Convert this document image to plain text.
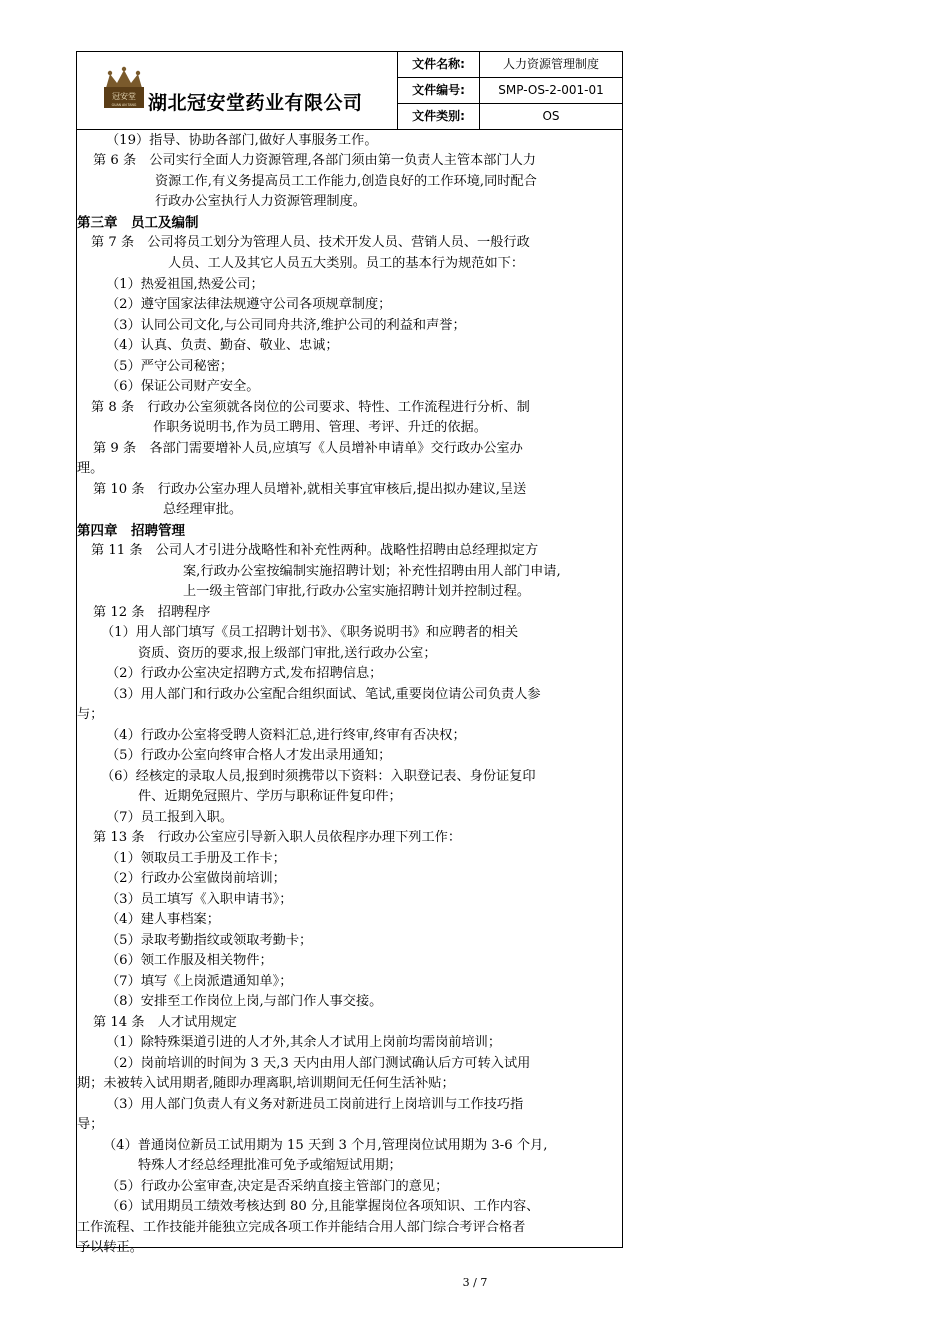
冠安堂
GUAN AN TANG 湖北冠安堂药业有限公司
文件名称:	人力资源管理制度
文件编号:	SMP-OS-2-001-01
文件类别:	OS
（19）指导、协助各部门,做好人事服务工作。
第 6 条　公司实行全面人力资源管理,各部门须由第一负责人主管本部门人力
资源工作,有义务提高员工工作能力,创造良好的工作环境,同时配合
行政办公室执行人力资源管理制度。
第三章　员工及编制
第 7 条　公司将员工划分为管理人员、技术开发人员、营销人员、一般行政
人员、工人及其它人员五大类别。员工的基本行为规范如下：
（1）热爱祖国,热爱公司；
（2）遵守国家法律法规遵守公司各项规章制度；
（3）认同公司文化,与公司同舟共济,维护公司的利益和声誉；
（4）认真、负责、勤奋、敬业、忠诚；
（5）严守公司秘密；
（6）保证公司财产安全。
第 8 条　行政办公室须就各岗位的公司要求、特性、工作流程进行分析、制
作职务说明书,作为员工聘用、管理、考评、升迁的依据。
第 9 条　各部门需要增补人员,应填写《人员增补申请单》交行政办公室办
理。
第 10 条　行政办公室办理人员增补,就相关事宜审核后,提出拟办建议,呈送
总经理审批。
第四章　招聘管理
第 11 条　公司人才引进分战略性和补充性两种。战略性招聘由总经理拟定方
案,行政办公室按编制实施招聘计划；补充性招聘由用人部门申请,
上一级主管部门审批,行政办公室实施招聘计划并控制过程。
第 12 条　招聘程序
（1）用人部门填写《员工招聘计划书》、《职务说明书》和应聘者的相关
资质、资历的要求,报上级部门审批,送行政办公室；
（2）行政办公室决定招聘方式,发布招聘信息；
（3）用人部门和行政办公室配合组织面试、笔试,重要岗位请公司负责人参
与；
（4）行政办公室将受聘人资料汇总,进行终审,终审有否决权；
（5）行政办公室向终审合格人才发出录用通知；
（6）经核定的录取人员,报到时须携带以下资料：入职登记表、身份证复印
件、近期免冠照片、学历与职称证件复印件；
（7）员工报到入职。
第 13 条　行政办公室应引导新入职人员依程序办理下列工作：
（1）领取员工手册及工作卡；
（2）行政办公室做岗前培训；
（3）员工填写《入职申请书》；
（4）建人事档案；
（5）录取考勤指纹或领取考勤卡；
（6）领工作服及相关物件；
（7）填写《上岗派遣通知单》；
（8）安排至工作岗位上岗,与部门作人事交接。
第 14 条　人才试用规定
（1）除特殊渠道引进的人才外,其余人才试用上岗前均需岗前培训；
（2）岗前培训的时间为 3 天,3 天内由用人部门测试确认后方可转入试用
期；未被转入试用期者,随即办理离职,培训期间无任何生活补贴；
（3）用人部门负责人有义务对新进员工岗前进行上岗培训与工作技巧指
导；
（4）普通岗位新员工试用期为 15 天到 3 个月,管理岗位试用期为 3-6 个月,
特殊人才经总经理批准可免予或缩短试用期；
（5）行政办公室审查,决定是否采纳直接主管部门的意见；
（6）试用期员工绩效考核达到 80 分,且能掌握岗位各项知识、工作内容、
工作流程、工作技能并能独立完成各项工作并能结合用人部门综合考评合格者
予以转正。
3 / 7
